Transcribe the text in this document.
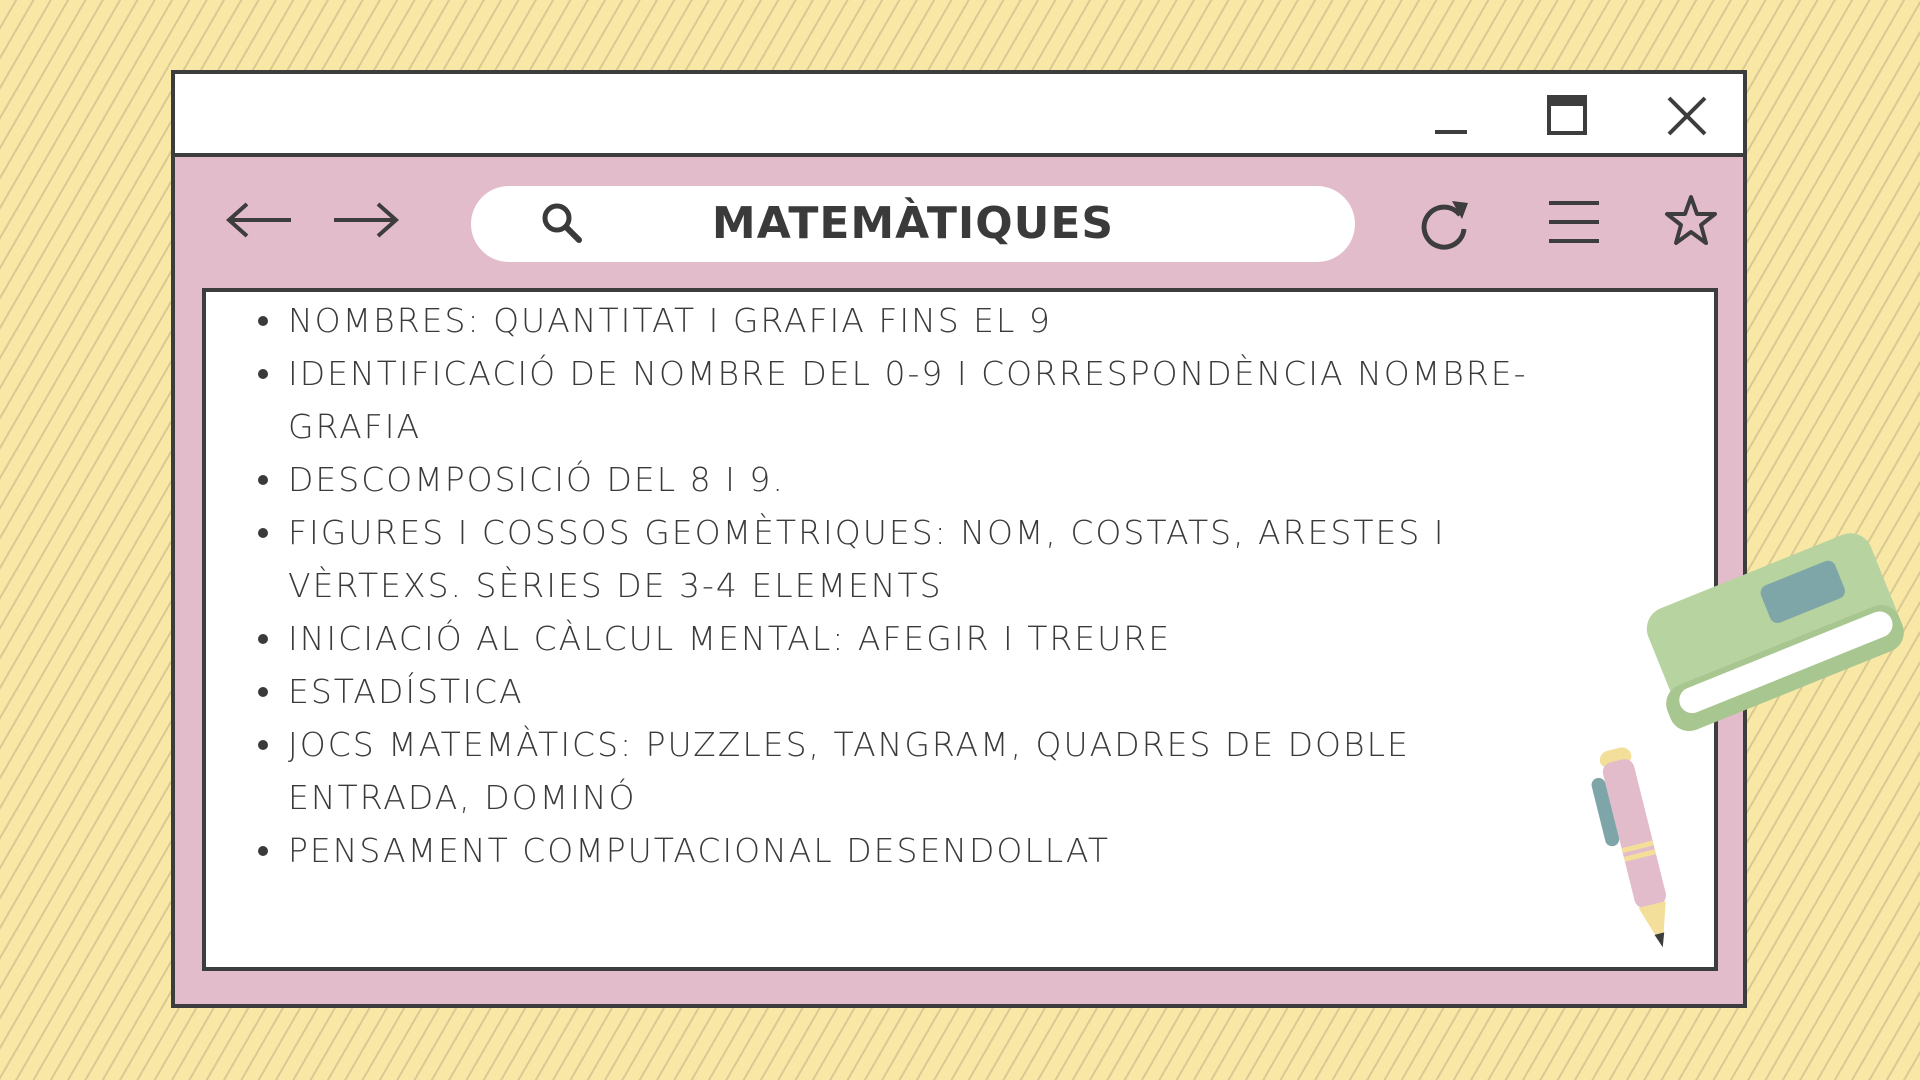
MATEMÀTIQUES
NOMBRES: QUANTITAT I GRAFIA FINS EL 9
IDENTIFICACIÓ DE NOMBRE DEL 0-9 I CORRESPONDÈNCIA NOMBRE-GRAFIA
DESCOMPOSICIÓ DEL 8 I 9.
FIGURES I COSSOS GEOMÈTRIQUES: NOM, COSTATS, ARESTES I VÈRTEXS. SÈRIES DE 3-4 ELEMENTS
INICIACIÓ AL CÀLCUL MENTAL: AFEGIR I TREURE
ESTADÍSTICA
JOCS MATEMÀTICS: PUZZLES, TANGRAM, QUADRES DE DOBLE ENTRADA, DOMINÓ
PENSAMENT COMPUTACIONAL DESENDOLLAT
